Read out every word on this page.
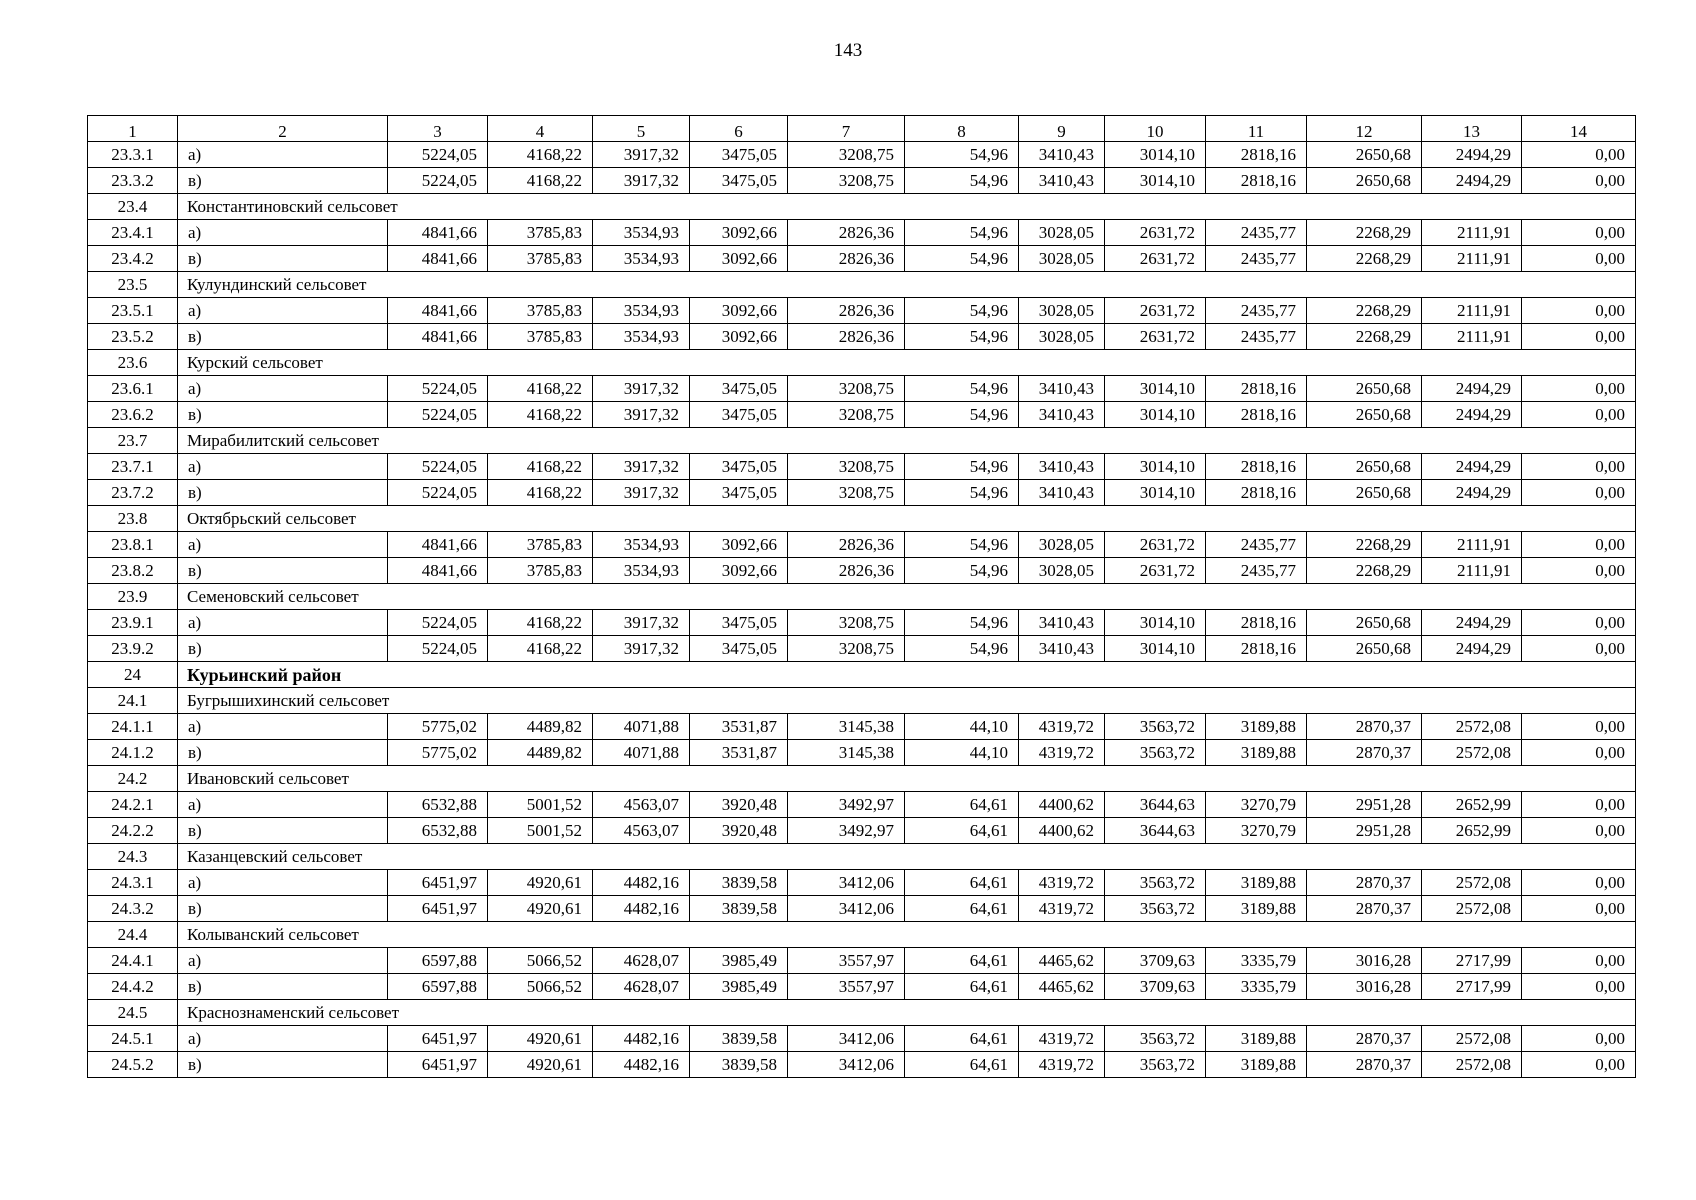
143
1	2	3	4	5	6	7	8	9	10	11	12	13	14
23.3.1	а)	5224,05	4168,22	3917,32	3475,05	3208,75	54,96	3410,43	3014,10	2818,16	2650,68	2494,29	0,00
23.3.2	в)	5224,05	4168,22	3917,32	3475,05	3208,75	54,96	3410,43	3014,10	2818,16	2650,68	2494,29	0,00
23.4	Константиновский сельсовет												
23.4.1	а)	4841,66	3785,83	3534,93	3092,66	2826,36	54,96	3028,05	2631,72	2435,77	2268,29	2111,91	0,00
23.4.2	в)	4841,66	3785,83	3534,93	3092,66	2826,36	54,96	3028,05	2631,72	2435,77	2268,29	2111,91	0,00
23.5	Кулундинский сельсовет												
23.5.1	а)	4841,66	3785,83	3534,93	3092,66	2826,36	54,96	3028,05	2631,72	2435,77	2268,29	2111,91	0,00
23.5.2	в)	4841,66	3785,83	3534,93	3092,66	2826,36	54,96	3028,05	2631,72	2435,77	2268,29	2111,91	0,00
23.6	Курский сельсовет												
23.6.1	а)	5224,05	4168,22	3917,32	3475,05	3208,75	54,96	3410,43	3014,10	2818,16	2650,68	2494,29	0,00
23.6.2	в)	5224,05	4168,22	3917,32	3475,05	3208,75	54,96	3410,43	3014,10	2818,16	2650,68	2494,29	0,00
23.7	Мирабилитский сельсовет												
23.7.1	а)	5224,05	4168,22	3917,32	3475,05	3208,75	54,96	3410,43	3014,10	2818,16	2650,68	2494,29	0,00
23.7.2	в)	5224,05	4168,22	3917,32	3475,05	3208,75	54,96	3410,43	3014,10	2818,16	2650,68	2494,29	0,00
23.8	Октябрьский сельсовет												
23.8.1	а)	4841,66	3785,83	3534,93	3092,66	2826,36	54,96	3028,05	2631,72	2435,77	2268,29	2111,91	0,00
23.8.2	в)	4841,66	3785,83	3534,93	3092,66	2826,36	54,96	3028,05	2631,72	2435,77	2268,29	2111,91	0,00
23.9	Семеновский сельсовет												
23.9.1	а)	5224,05	4168,22	3917,32	3475,05	3208,75	54,96	3410,43	3014,10	2818,16	2650,68	2494,29	0,00
23.9.2	в)	5224,05	4168,22	3917,32	3475,05	3208,75	54,96	3410,43	3014,10	2818,16	2650,68	2494,29	0,00
24	Курьинский район												
24.1	Бугрышихинский сельсовет												
24.1.1	а)	5775,02	4489,82	4071,88	3531,87	3145,38	44,10	4319,72	3563,72	3189,88	2870,37	2572,08	0,00
24.1.2	в)	5775,02	4489,82	4071,88	3531,87	3145,38	44,10	4319,72	3563,72	3189,88	2870,37	2572,08	0,00
24.2	Ивановский сельсовет												
24.2.1	а)	6532,88	5001,52	4563,07	3920,48	3492,97	64,61	4400,62	3644,63	3270,79	2951,28	2652,99	0,00
24.2.2	в)	6532,88	5001,52	4563,07	3920,48	3492,97	64,61	4400,62	3644,63	3270,79	2951,28	2652,99	0,00
24.3	Казанцевский сельсовет												
24.3.1	а)	6451,97	4920,61	4482,16	3839,58	3412,06	64,61	4319,72	3563,72	3189,88	2870,37	2572,08	0,00
24.3.2	в)	6451,97	4920,61	4482,16	3839,58	3412,06	64,61	4319,72	3563,72	3189,88	2870,37	2572,08	0,00
24.4	Колыванский сельсовет												
24.4.1	а)	6597,88	5066,52	4628,07	3985,49	3557,97	64,61	4465,62	3709,63	3335,79	3016,28	2717,99	0,00
24.4.2	в)	6597,88	5066,52	4628,07	3985,49	3557,97	64,61	4465,62	3709,63	3335,79	3016,28	2717,99	0,00
24.5	Краснознаменский сельсовет												
24.5.1	а)	6451,97	4920,61	4482,16	3839,58	3412,06	64,61	4319,72	3563,72	3189,88	2870,37	2572,08	0,00
24.5.2	в)	6451,97	4920,61	4482,16	3839,58	3412,06	64,61	4319,72	3563,72	3189,88	2870,37	2572,08	0,00
